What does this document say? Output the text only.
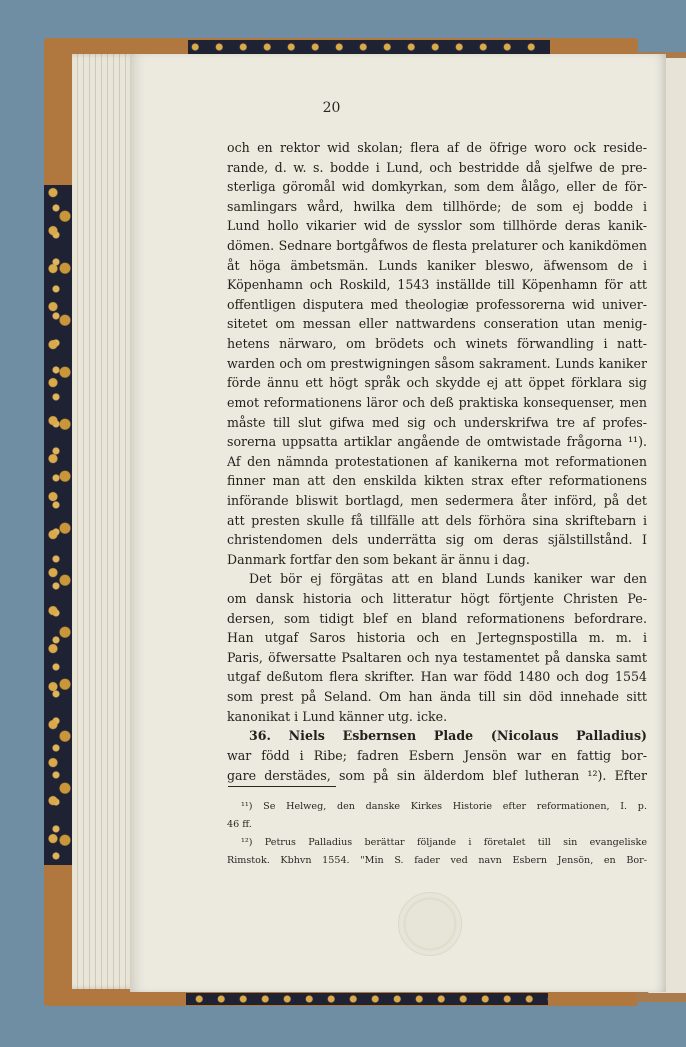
20
och en rektor wid skolan; flera af de öfrige woro ock reside-
rande, d. w. s. bodde i Lund, och bestridde då sjelfwe de pre-
sterliga göromål wid domkyrkan, som dem ålågo, eller de för-
samlingars wård, hwilka dem tillhörde; de som ej bodde i
Lund hollo vikarier wid de sysslor som tillhörde deras kanik-
dömen. Sednare bortgåfwos de flesta prelaturer och kanikdömen
åt höga ämbetsmän. Lunds kaniker bleswo, äfwensom de i
Köpenhamn och Roskild, 1543 inställde till Köpenhamn för att
offentligen disputera med theologiæ professorerna wid univer-
sitetet om messan eller nattwardens conseration utan menig-
hetens närwaro, om brödets och winets förwandling i natt-
warden och om prestwigningen såsom sakrament. Lunds kaniker
förde ännu ett högt språk och skydde ej att öppet förklara sig
emot reformationens läror och deß praktiska konsequenser, men
måste till slut gifwa med sig och underskrifwa tre af profes-
sorerna uppsatta artiklar angående de omtwistade frågorna ¹¹).
Af den nämnda protestationen af kanikerna mot reformationen
finner man att den enskilda kikten strax efter reformationens
införande bliswit bortlagd, men sedermera åter införd, på det
att presten skulle få tillfälle att dels förhöra sina skriftebarn i
christendomen dels underrätta sig om deras själstillstånd. I
Danmark fortfar den som bekant är ännu i dag.
Det bör ej förgätas att en bland Lunds kaniker war den
om dansk historia och litteratur högt förtjente Christen Pe-
dersen, som tidigt blef en bland reformationens befordrare.
Han utgaf Saros historia och en Jertegnspostilla m. m. i
Paris, öfwersatte Psaltaren och nya testamentet på danska samt
utgaf deßutom flera skrifter. Han war född 1480 och dog 1554
som prest på Seland. Om han ända till sin död innehade sitt
kanonikat i Lund känner utg. icke.
36. Niels Esbernsen Plade (Nicolaus Palladius)
war född i Ribe; fadren Esbern Jensön war en fattig bor-
gare derstädes, som på sin älderdom blef lutheran ¹²). Efter
¹¹) Se Helweg, den danske Kirkes Historie efter reformationen, I. p.
46 ff.
¹²) Petrus Palladius berättar följande i företalet till sin evangeliske
Rimstok. Kbhvn 1554. "Min S. fader ved navn Esbern Jensön, en Bor-
